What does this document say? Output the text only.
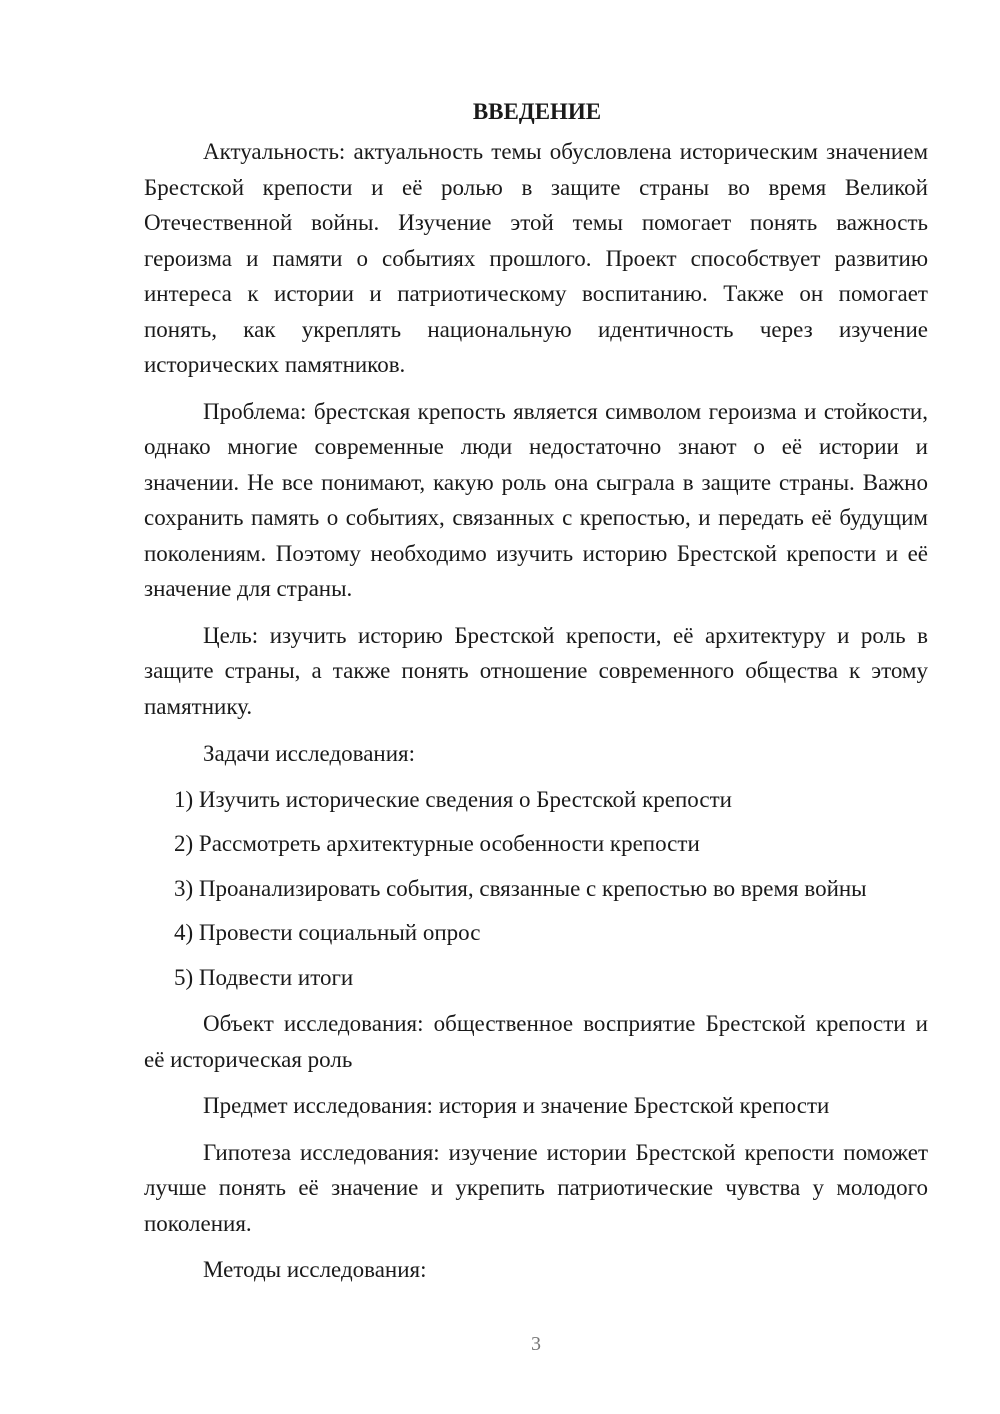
ВВЕДЕНИЕ

Актуальность: актуальность темы обусловлена историческим значением Брестской крепости и её ролью в защите страны во время Великой Отечественной войны. Изучение этой темы помогает понять важность героизма и памяти о событиях прошлого. Проект способствует развитию интереса к истории и патриотическому воспитанию. Также он помогает понять, как укреплять национальную идентичность через изучение исторических памятников.

Проблема: брестская крепость является символом героизма и стойкости, однако многие современные люди недостаточно знают о её истории и значении. Не все понимают, какую роль она сыграла в защите страны. Важно сохранить память о событиях, связанных с крепостью, и передать её будущим поколениям. Поэтому необходимо изучить историю Брестской крепости и её значение для страны.

Цель: изучить историю Брестской крепости, её архитектуру и роль в защите страны, а также понять отношение современного общества к этому памятнику.

Задачи исследования:

1) Изучить исторические сведения о Брестской крепости

2) Рассмотреть архитектурные особенности крепости

3) Проанализировать события, связанные с крепостью во время войны

4) Провести социальный опрос

5) Подвести итоги

Объект исследования: общественное восприятие Брестской крепости и её историческая роль

Предмет исследования: история и значение Брестской крепости

Гипотеза исследования: изучение истории Брестской крепости поможет лучше понять её значение и укрепить патриотические чувства у молодого поколения.

Методы исследования:

3
